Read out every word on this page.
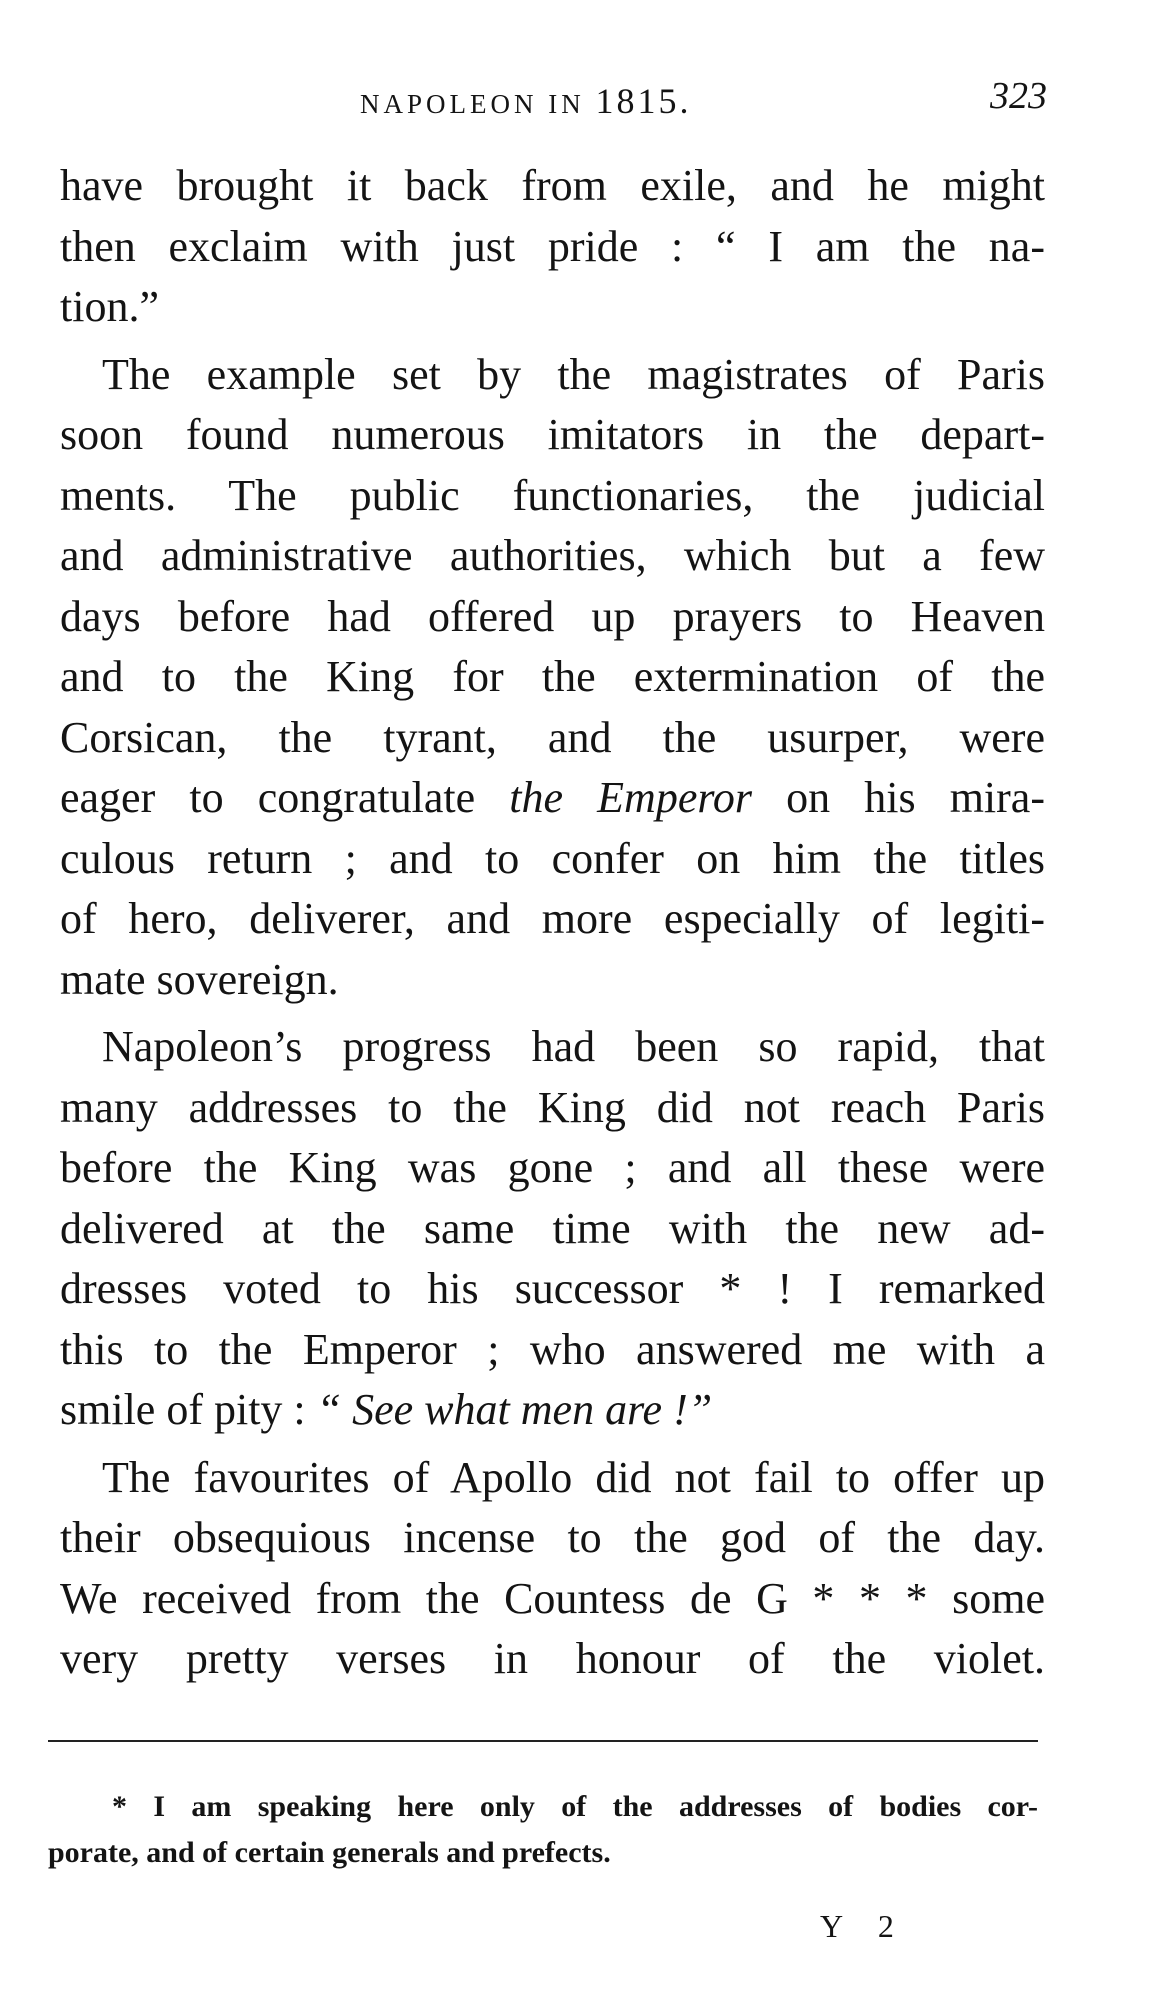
NAPOLEON IN 1815.	323
have brought it back from exile, and he might
then exclaim with just pride : “ I am the na-
tion.”
The example set by the magistrates of Paris
soon found numerous imitators in the depart-
ments. The public functionaries, the judicial
and administrative authorities, which but a few
days before had offered up prayers to Heaven
and to the King for the extermination of the
Corsican, the tyrant, and the usurper, were
eager to congratulate the Emperor on his mira-
culous return ; and to confer on him the titles
of hero, deliverer, and more especially of legiti-
mate sovereign.
Napoleon’s progress had been so rapid, that
many addresses to the King did not reach Paris
before the King was gone ; and all these were
delivered at the same time with the new ad-
dresses voted to his successor * ! I remarked
this to the Emperor ; who answered me with a
smile of pity : “ See what men are !”
The favourites of Apollo did not fail to offer up
their obsequious incense to the god of the day.
We received from the Countess de G * * * some
very pretty verses in honour of the violet.
* I am speaking here only of the addresses of bodies cor-
porate, and of certain generals and prefects.
Y 2
